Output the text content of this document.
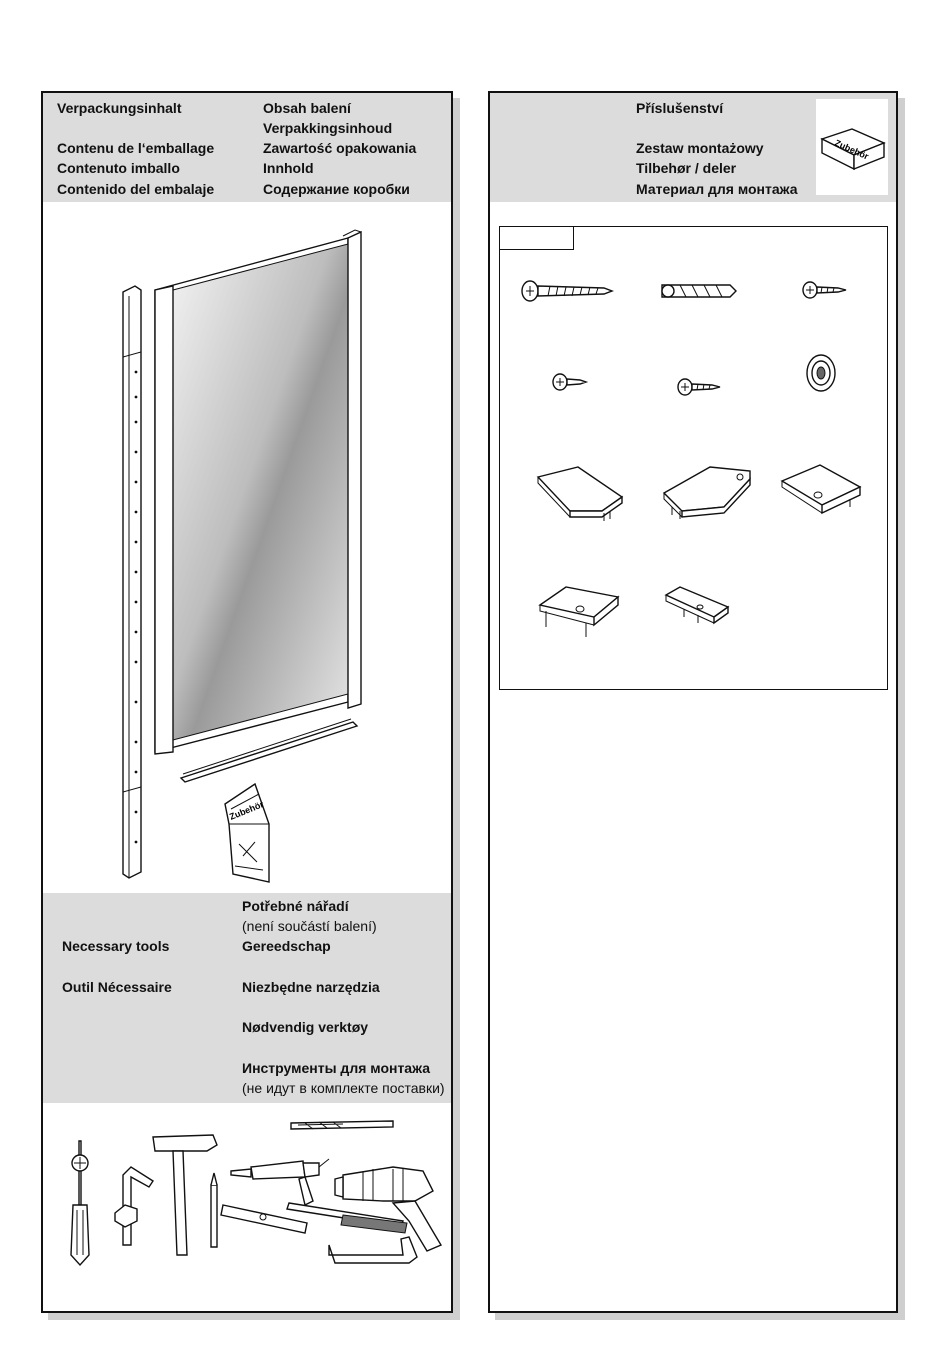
Verpackungsinhalt
Contenu de l‘emballage
Contenuto imballo
Contenido del embalaje
Obsah balení
Verpakkingsinhoud
Zawartość opakowania
Innhold
Содержание коробки
Zubehör
Necessary tools
Outil Nécessaire
Potřebné nářadí
(není součástí balení)
Gereedschap
Niezbędne narzędzia
Nødvendig verktøy
Инструменты для монтажа
(не идут в комплекте поставки)
Příslušenství
Zestaw montażowy
Tilbehør / deler
Материал для монтажа
Zubehör
